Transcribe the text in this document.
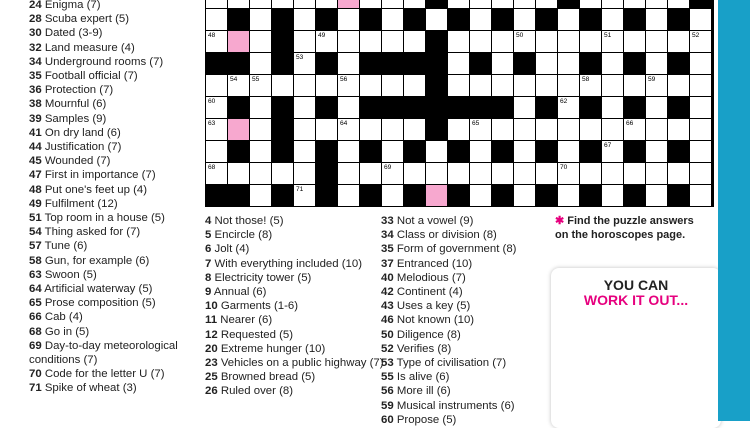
48	49	50	51	52
53
54 55	56	57	58	59
60	61	62
63	64	65	66
67
68	69	70
71
24 Enigma (7)
28 Scuba expert (5)
30 Dated (3-9)
32 Land measure (4)
34 Underground rooms (7)
35 Football official (7)
36 Protection (7)
38 Mournful (6)
39 Samples (9)
41 On dry land (6)
44 Justification (7)
45 Wounded (7)
47 First in importance (7)
48 Put one's feet up (4)
49 Fulfilment (12)
51 Top room in a house (5)
54 Thing asked for (7)
57 Tune (6)
58 Gun, for example (6)
63 Swoon (5)
64 Artificial waterway (5)
65 Prose composition (5)
66 Cab (4)
68 Go in (5)
69 Day-to-day meteorological conditions (7)
70 Code for the letter U (7)
71 Spike of wheat (3)
4 Not those! (5)
5 Encircle (8)
6 Jolt (4)
7 With everything included (10)
8 Electricity tower (5)
9 Annual (6)
10 Garments (1-6)
11 Nearer (6)
12 Requested (5)
20 Extreme hunger (10)
23 Vehicles on a public highway (7)
25 Browned bread (5)
26 Ruled over (8)
33 Not a vowel (9)
34 Class or division (8)
35 Form of government (8)
37 Entranced (10)
40 Melodious (7)
42 Continent (4)
43 Uses a key (5)
46 Not known (10)
50 Diligence (8)
52 Verifies (8)
53 Type of civilisation (7)
55 Is alive (6)
56 More ill (6)
59 Musical instruments (6)
60 Propose (5)
✱ Find the puzzle answers on the horoscopes page.
YOU CAN
WORK IT OUT...
